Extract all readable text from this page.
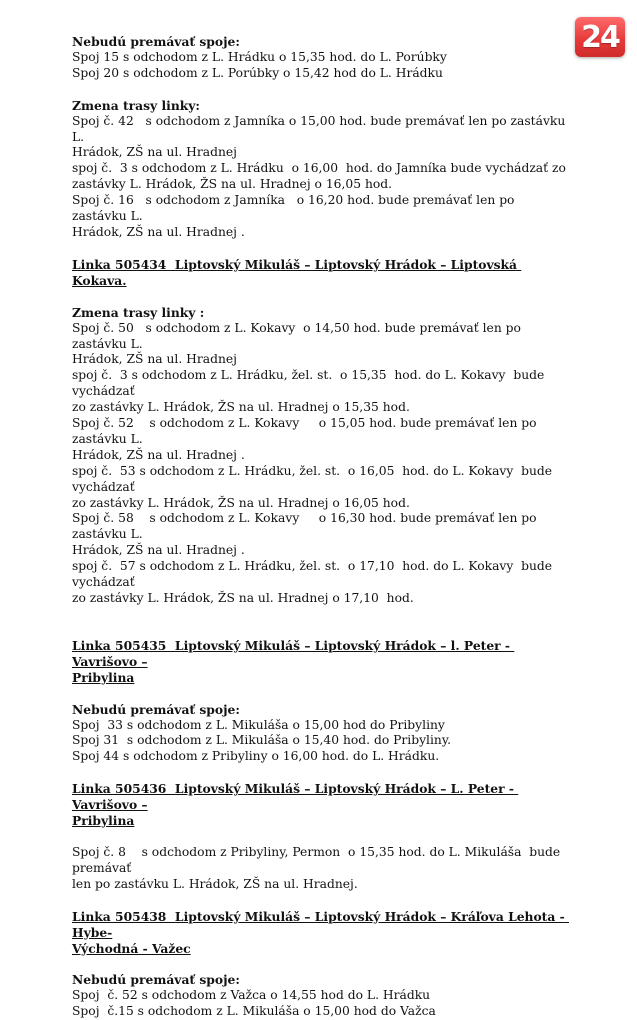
24
Nebudú premávať spoje:
Spoj 15 s odchodom z L. Hrádku o 15,35 hod. do L. Porúbky
Spoj 20 s odchodom z L. Porúbky o 15,42 hod do L. Hrádku
Zmena trasy linky:
Spoj č. 42   s odchodom z Jamníka o 15,00 hod. bude premávať len po zastávku L.
Hrádok, ZŠ na ul. Hradnej
spoj č.  3 s odchodom z L. Hrádku  o 16,00  hod. do Jamníka bude vychádzať zo
zastávky L. Hrádok, ŽS na ul. Hradnej o 16,05 hod.
Spoj č. 16   s odchodom z Jamníka   o 16,20 hod. bude premávať len po zastávku L.
Hrádok, ZŠ na ul. Hradnej .
Linka 505434  Liptovský Mikuláš – Liptovský Hrádok – Liptovská Kokava.
Zmena trasy linky :
Spoj č. 50   s odchodom z L. Kokavy  o 14,50 hod. bude premávať len po zastávku L.
Hrádok, ZŠ na ul. Hradnej
spoj č.  3 s odchodom z L. Hrádku, žel. st.  o 15,35  hod. do L. Kokavy  bude vychádzať
zo zastávky L. Hrádok, ŽS na ul. Hradnej o 15,35 hod.
Spoj č. 52    s odchodom z L. Kokavy     o 15,05 hod. bude premávať len po zastávku L.
Hrádok, ZŠ na ul. Hradnej .
spoj č.  53 s odchodom z L. Hrádku, žel. st.  o 16,05  hod. do L. Kokavy  bude vychádzať
zo zastávky L. Hrádok, ŽS na ul. Hradnej o 16,05 hod.
Spoj č. 58    s odchodom z L. Kokavy     o 16,30 hod. bude premávať len po zastávku L.
Hrádok, ZŠ na ul. Hradnej .
spoj č.  57 s odchodom z L. Hrádku, žel. st.  o 17,10  hod. do L. Kokavy  bude vychádzať
zo zastávky L. Hrádok, ŽS na ul. Hradnej o 17,10  hod.
Linka 505435  Liptovský Mikuláš – Liptovský Hrádok – l. Peter - Vavrišovo –
Pribylina
Nebudú premávať spoje:
Spoj  33 s odchodom z L. Mikuláša o 15,00 hod do Pribyliny
Spoj 31  s odchodom z L. Mikuláša o 15,40 hod. do Pribyliny.
Spoj 44 s odchodom z Pribyliny o 16,00 hod. do L. Hrádku.
Linka 505436  Liptovský Mikuláš – Liptovský Hrádok – L. Peter - Vavrišovo –
Pribylina
Spoj č. 8    s odchodom z Pribyliny, Permon  o 15,35 hod. do L. Mikuláša  bude premávať
len po zastávku L. Hrádok, ZŠ na ul. Hradnej.
Linka 505438  Liptovský Mikuláš – Liptovský Hrádok – Kráľova Lehota - Hybe-
Východná - Važec
Nebudú premávať spoje:
Spoj  č. 52 s odchodom z Važca o 14,55 hod do L. Hrádku
Spoj  č.15 s odchodom z L. Mikuláša o 15,00 hod do Važca
